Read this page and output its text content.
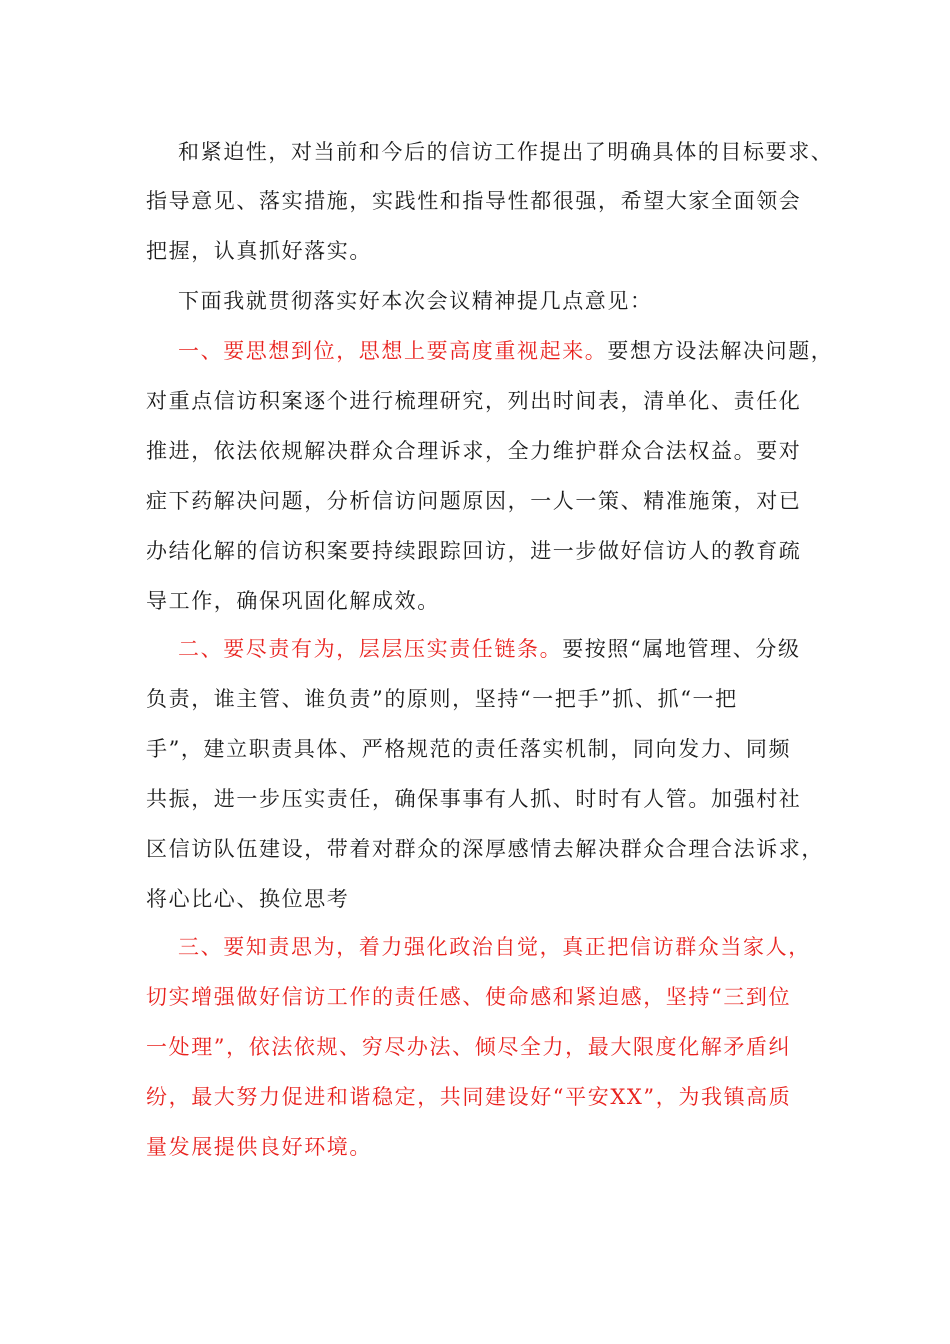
和紧迫性，对当前和今后的信访工作提出了明确具体的目标要求、
指导意见、落实措施，实践性和指导性都很强，希望大家全面领会
把握，认真抓好落实。
下面我就贯彻落实好本次会议精神提几点意见：
一、要思想到位，思想上要高度重视起来。要想方设法解决问题，
对重点信访积案逐个进行梳理研究，列出时间表，清单化、责任化
推进，依法依规解决群众合理诉求，全力维护群众合法权益。要对
症下药解决问题，分析信访问题原因，一人一策、精准施策，对已
办结化解的信访积案要持续跟踪回访，进一步做好信访人的教育疏
导工作，确保巩固化解成效。
二、要尽责有为，层层压实责任链条。要按照“属地管理、分级
负责，谁主管、谁负责”的原则，坚持“一把手”抓、抓“一把
手”，建立职责具体、严格规范的责任落实机制，同向发力、同频
共振，进一步压实责任，确保事事有人抓、时时有人管。加强村社
区信访队伍建设，带着对群众的深厚感情去解决群众合理合法诉求，
将心比心、换位思考
三、要知责思为，着力强化政治自觉，真正把信访群众当家人，
切实增强做好信访工作的责任感、使命感和紧迫感，坚持“三到位
一处理”，依法依规、穷尽办法、倾尽全力，最大限度化解矛盾纠
纷，最大努力促进和谐稳定，共同建设好“平安XX”，为我镇高质
量发展提供良好环境。
